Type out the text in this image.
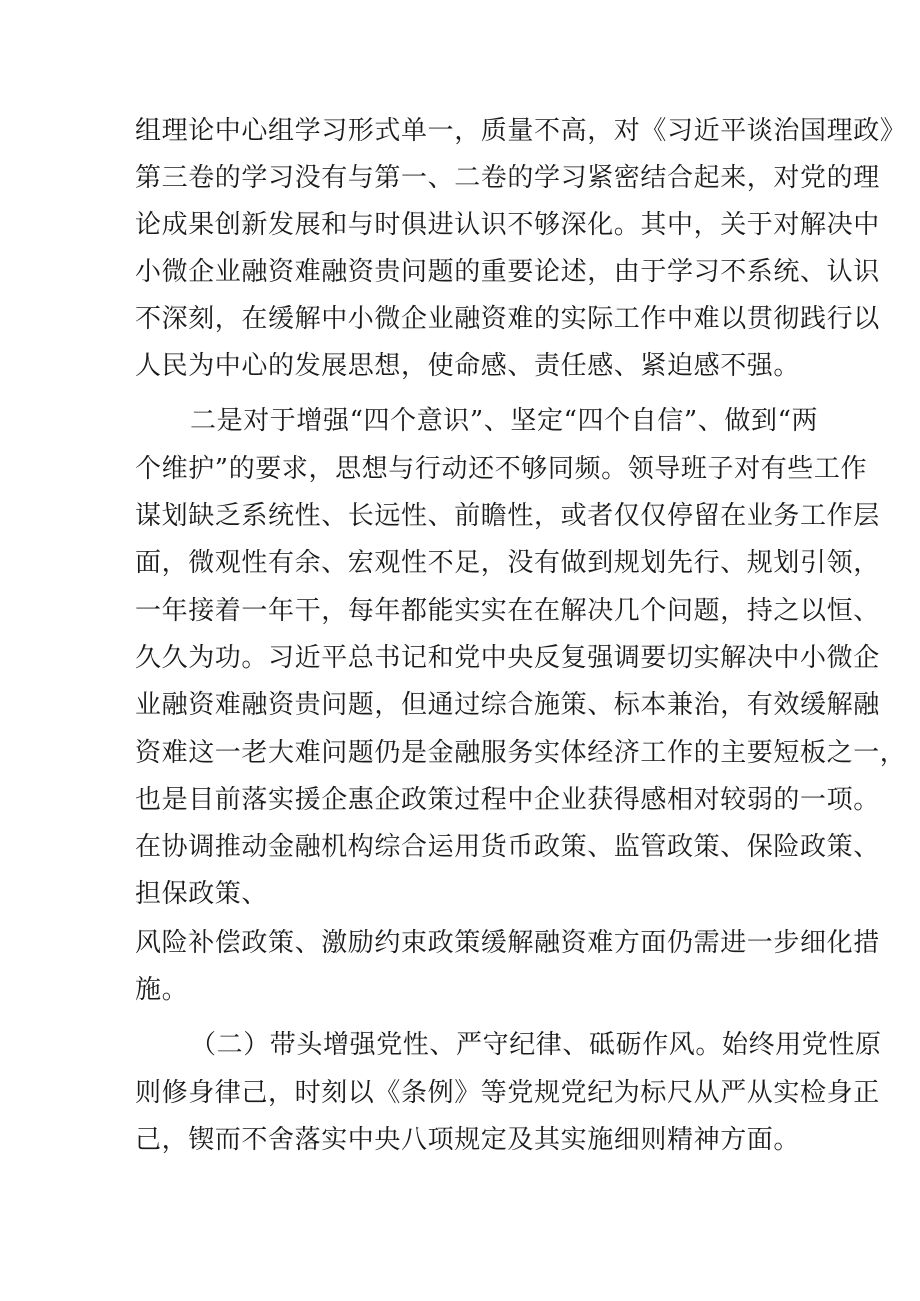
组理论中心组学习形式单一，质量不高，对《习近平谈治国理政》
第三卷的学习没有与第一、二卷的学习紧密结合起来，对党的理
论成果创新发展和与时俱进认识不够深化。其中，关于对解决中
小微企业融资难融资贵问题的重要论述，由于学习不系统、认识
不深刻，在缓解中小微企业融资难的实际工作中难以贯彻践行以
人民为中心的发展思想，使命感、责任感、紧迫感不强。
二是对于增强“四个意识”、坚定“四个自信”、做到“两
个维护”的要求，思想与行动还不够同频。领导班子对有些工作
谋划缺乏系统性、长远性、前瞻性，或者仅仅停留在业务工作层
面，微观性有余、宏观性不足，没有做到规划先行、规划引领，
一年接着一年干，每年都能实实在在解决几个问题，持之以恒、
久久为功。习近平总书记和党中央反复强调要切实解决中小微企
业融资难融资贵问题，但通过综合施策、标本兼治，有效缓解融
资难这一老大难问题仍是金融服务实体经济工作的主要短板之一，
也是目前落实援企惠企政策过程中企业获得感相对较弱的一项。
在协调推动金融机构综合运用货币政策、监管政策、保险政策、
担保政策、
风险补偿政策、激励约束政策缓解融资难方面仍需进一步细化措
施。
（二）带头增强党性、严守纪律、砥砺作风。始终用党性原
则修身律己，时刻以《条例》等党规党纪为标尺从严从实检身正
己，锲而不舍落实中央八项规定及其实施细则精神方面。
